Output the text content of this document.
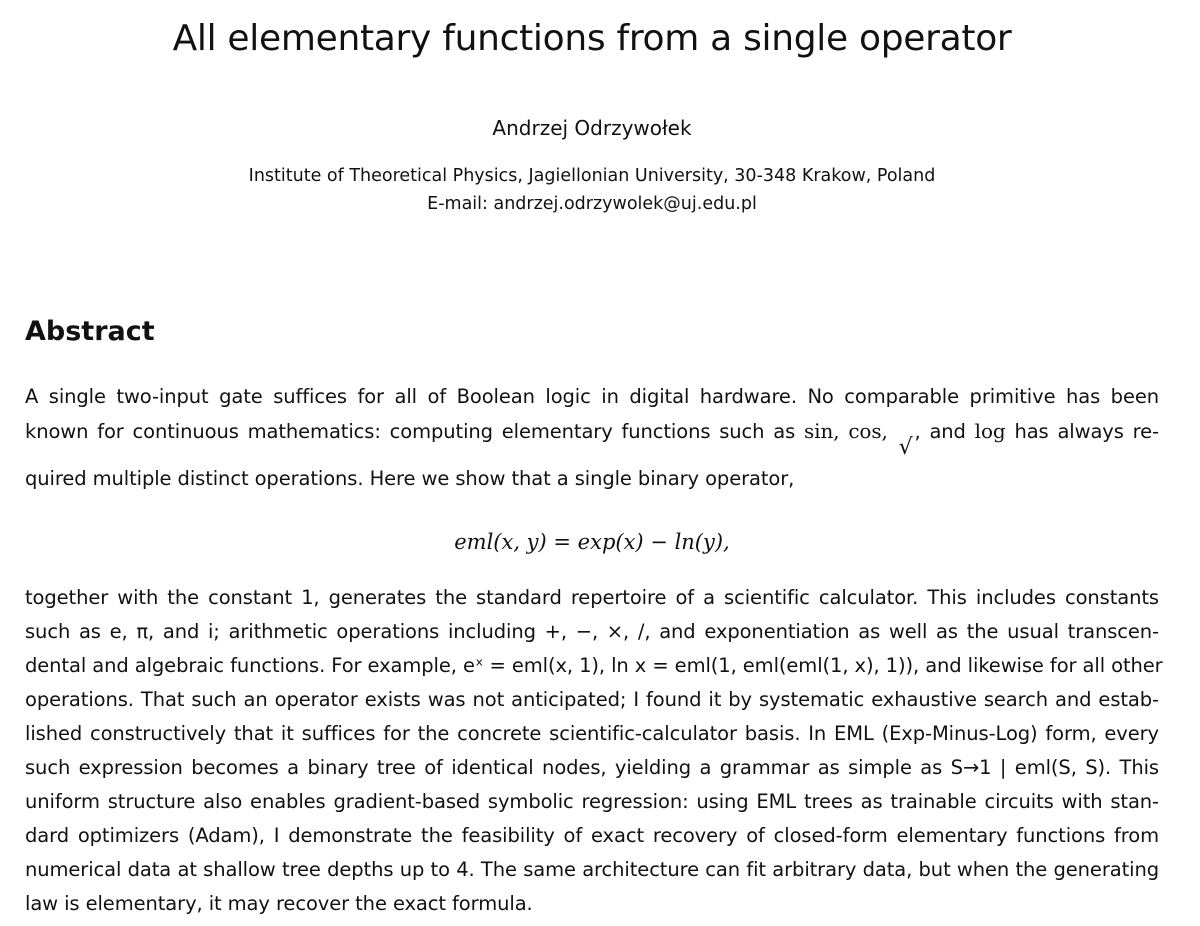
All elementary functions from a single operator
Andrzej Odrzywołek
Institute of Theoretical Physics, Jagiellonian University, 30-348 Krakow, Poland
E-mail: andrzej.odrzywolek@uj.edu.pl
Abstract
A single two-input gate suffices for all of Boolean logic in digital hardware. No comparable primitive has been
known for continuous mathematics: computing elementary functions such as sin, cos, √, and log has always re-
quired multiple distinct operations. Here we show that a single binary operator,
eml(x, y) = exp(x) − ln(y),
together with the constant 1, generates the standard repertoire of a scientific calculator. This includes constants
such as e, π, and i; arithmetic operations including +, −, ×, /, and exponentiation as well as the usual transcen-
dental and algebraic functions. For example, eˣ = eml(x, 1), ln x = eml(1, eml(eml(1, x), 1)), and likewise for all other
operations. That such an operator exists was not anticipated; I found it by systematic exhaustive search and estab-
lished constructively that it suffices for the concrete scientific-calculator basis. In EML (Exp-Minus-Log) form, every
such expression becomes a binary tree of identical nodes, yielding a grammar as simple as S→1 | eml(S, S). This
uniform structure also enables gradient-based symbolic regression: using EML trees as trainable circuits with stan-
dard optimizers (Adam), I demonstrate the feasibility of exact recovery of closed-form elementary functions from
numerical data at shallow tree depths up to 4. The same architecture can fit arbitrary data, but when the generating
law is elementary, it may recover the exact formula.
